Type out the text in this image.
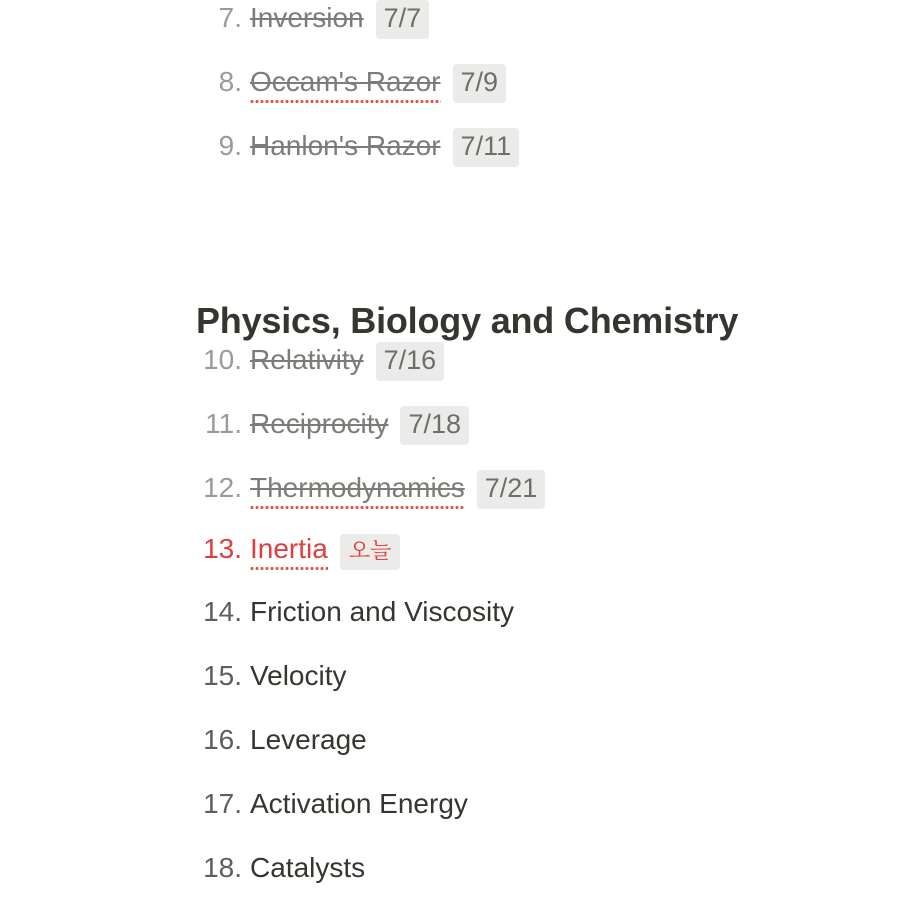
7. Inversion 7/7
8. Occam's Razor 7/9
9. Hanlon's Razor 7/11
Physics, Biology and Chemistry
10. Relativity 7/16
11. Reciprocity 7/18
12. Thermodynamics 7/21
13. Inertia 오늘
14. Friction and Viscosity
15. Velocity
16. Leverage
17. Activation Energy
18. Catalysts
